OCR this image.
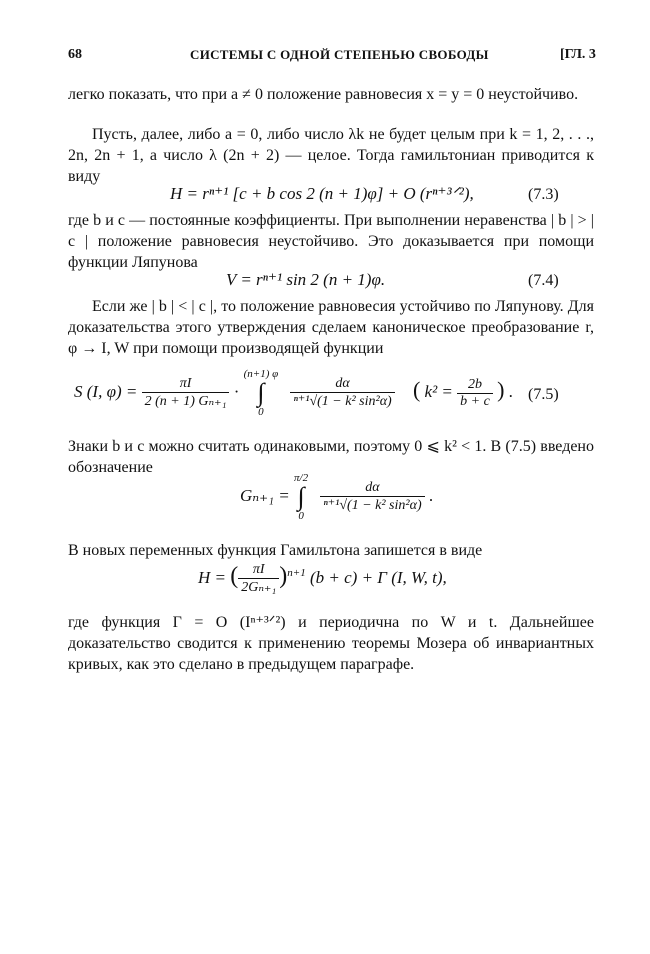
68	СИСТЕМЫ С ОДНОЙ СТЕПЕНЬЮ СВОБОДЫ	[ГЛ. 3
легко показать, что при a ≠ 0 положение равновесия x = y = 0 неустойчиво.
Пусть, далее, либо a = 0, либо число λk не будет целым при k = 1, 2, . . ., 2n, 2n + 1, а число λ (2n + 2) — целое. Тогда гамильтониан приводится к виду
H = rⁿ⁺¹ [c + b cos 2 (n + 1)φ] + O (rⁿ⁺³ᐟ²),	(7.3)
где b и c — постоянные коэффициенты. При выполнении неравенства | b | > | c | положение равновесия неустойчиво. Это доказывается при помощи функции Ляпунова
V = rⁿ⁺¹ sin 2 (n + 1)φ.	(7.4)
Если же | b | < | c |, то положение равновесия устойчиво по Ляпунову. Для доказательства этого утверждения сделаем каноническое преобразование r, φ → I, W при помощи производящей функции
S (I, $\varphi) = \frac{\pi I}{\text{2 (n + 1) Gₙ₊₁}}$ ·
(n+1) φ
∫
0

$\frac{d\alpha}{\text{ⁿ⁺¹√(1 − k² sin²α)}}$ ( $k^2 = \frac{2b}{b + c}$ ) . (7.5)
Знаки b и c можно считать одинаковыми, поэтому 0 ⩽ k² < 1. В (7.5) введено обозначение
Gₙ₊₁ =
π/2
∫
0

$\frac{d\alpha}{\text{ⁿ⁺¹√(1 − k² sin²α)}}$ .
В новых переменных функция Гамильтона запишется в виде
H = ( $\frac{\pi I}{\text{2Gₙ₊₁}} )^{n+1}$ (b + c) + Γ (I, W, t),
где функция Γ = O (Iⁿ⁺³ᐟ²) и периодична по W и t. Дальнейшее доказательство сводится к применению теоремы Мозера об инвариантных кривых, как это сделано в предыдущем параграфе.
